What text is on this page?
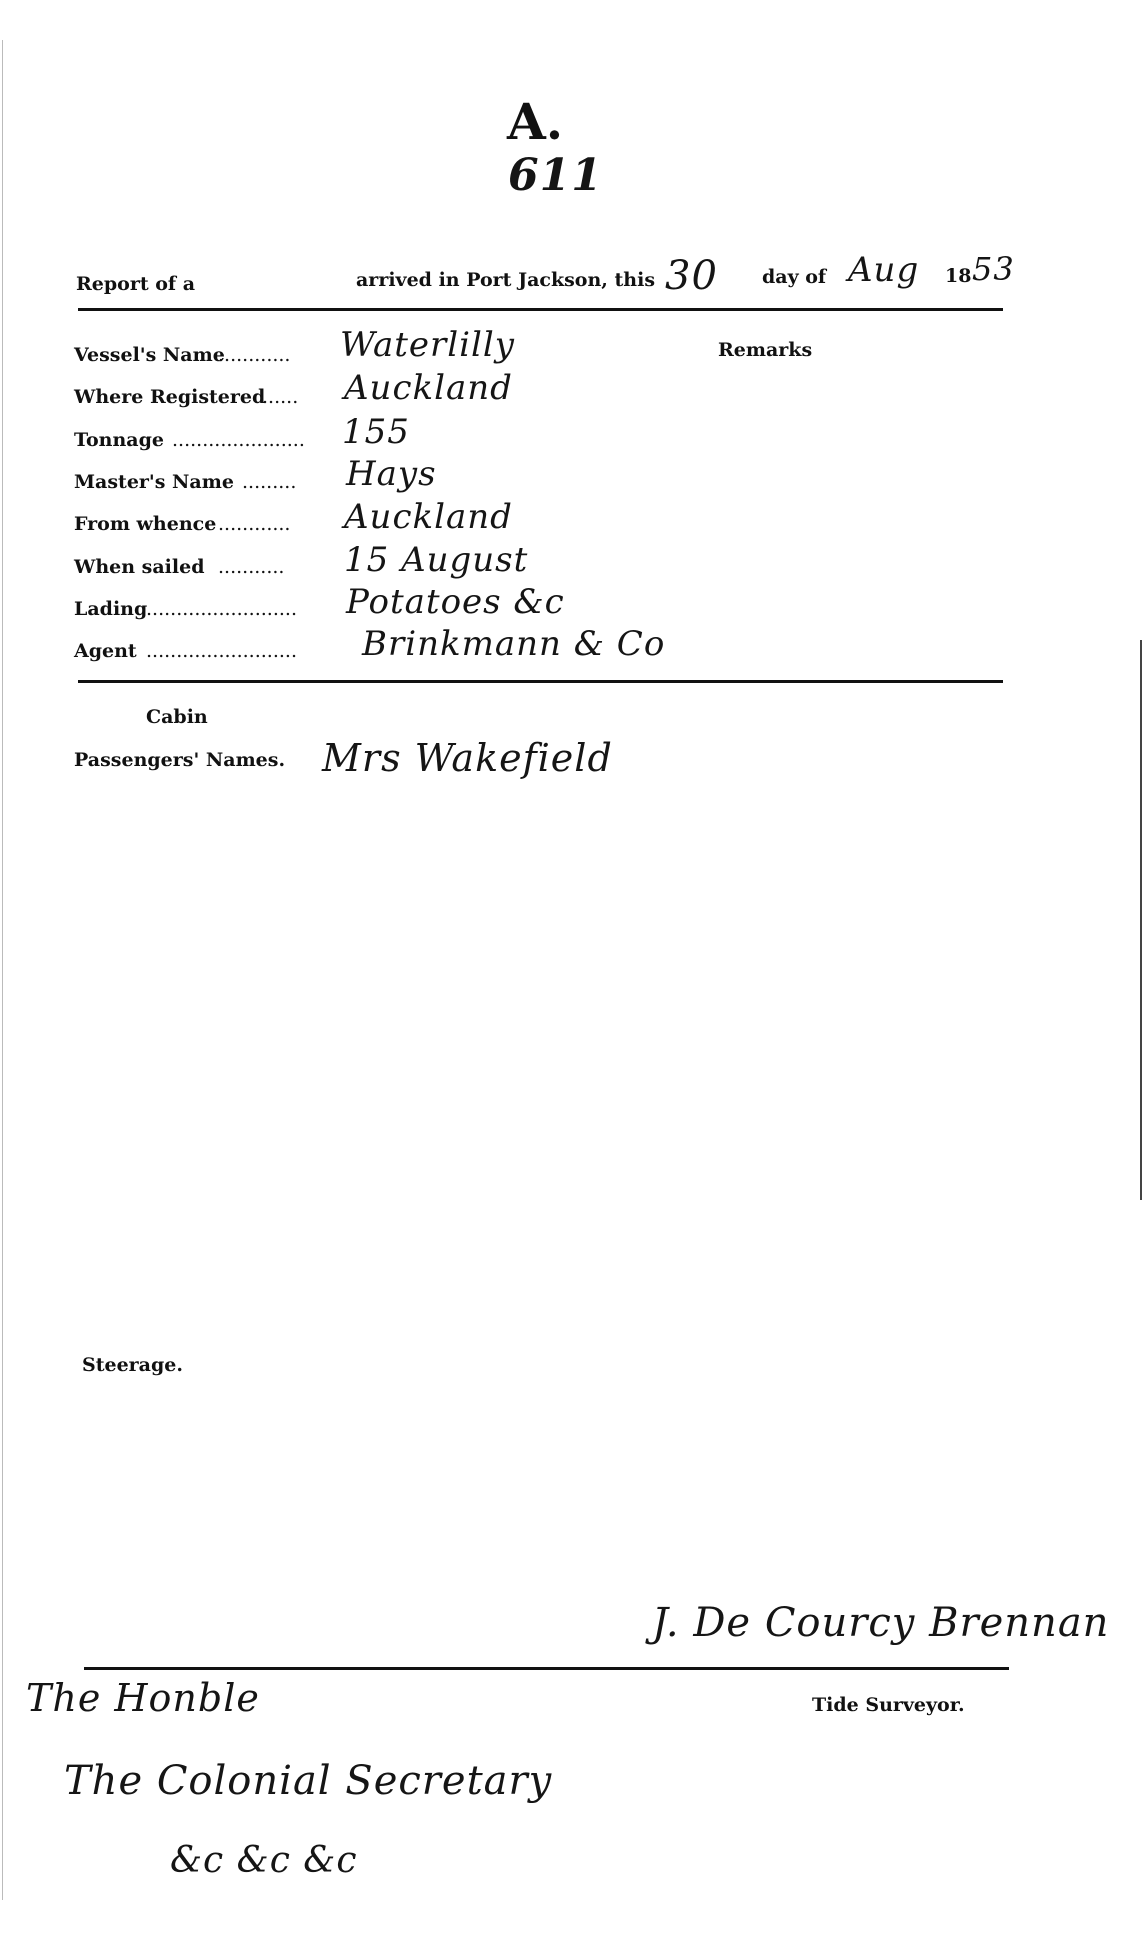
A.
611
Report of a	arrived in Port Jackson, this 30 day of Aug 18 53
Remarks
Vessel's Name
............ Waterlilly
Where Registered
...... Auckland
Tonnage ...................... 155
Master's Name ......... Hays
From whence ............ Auckland
When sailed ........... 15 August
Lading
......................... Potatoes &c
Agent ......................... Brinkmann & Co
Cabin
Passengers' Names. Mrs Wakefield
Steerage.
J. De Courcy Brennan
Tide Surveyor.
The Honble
The Colonial Secretary
&c &c &c
